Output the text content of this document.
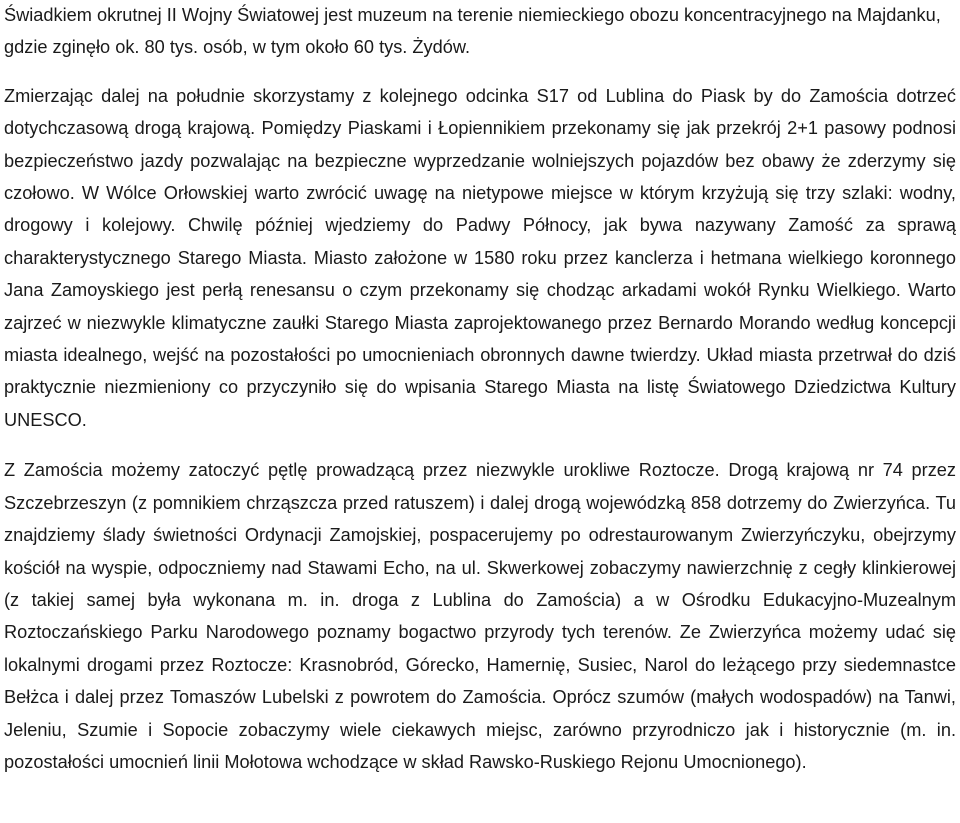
Świadkiem okrutnej II Wojny Światowej jest muzeum na terenie niemieckiego obozu koncentracyjnego na Majdanku, gdzie zginęło ok. 80 tys. osób, w tym około 60 tys. Żydów.

Zmierzając dalej na południe skorzystamy z kolejnego odcinka S17 od Lublina do Piask by do Zamościa dotrzeć dotychczasową drogą krajową. Pomiędzy Piaskami i Łopiennikiem przekonamy się jak przekrój 2+1 pasowy podnosi bezpieczeństwo jazdy pozwalając na bezpieczne wyprzedzanie wolniejszych pojazdów bez obawy że zderzymy się czołowo. W Wólce Orłowskiej warto zwrócić uwagę na nietypowe miejsce w którym krzyżują się trzy szlaki: wodny, drogowy i kolejowy. Chwilę później wjedziemy do Padwy Północy, jak bywa nazywany Zamość za sprawą charakterystycznego Starego Miasta. Miasto założone w 1580 roku przez kanclerza i hetmana wielkiego koronnego Jana Zamoyskiego jest perłą renesansu o czym przekonamy się chodząc arkadami wokół Rynku Wielkiego. Warto zajrzeć w niezwykle klimatyczne zaułki Starego Miasta zaprojektowanego przez Bernardo Morando według koncepcji miasta idealnego, wejść na pozostałości po umocnieniach obronnych dawne twierdzy. Układ miasta przetrwał do dziś praktycznie niezmieniony co przyczyniło się do wpisania Starego Miasta na listę Światowego Dziedzictwa Kultury UNESCO.

Z Zamościa możemy zatoczyć pętlę prowadzącą przez niezwykle urokliwe Roztocze. Drogą krajową nr 74 przez Szczebrzeszyn (z pomnikiem chrząszcza przed ratuszem) i dalej drogą wojewódzką 858 dotrzemy do Zwierzyńca. Tu znajdziemy ślady świetności Ordynacji Zamojskiej, pospacerujemy po odrestaurowanym Zwierzyńczyku, obejrzymy kościół na wyspie, odpoczniemy nad Stawami Echo, na ul. Skwerkowej zobaczymy nawierzchnię z cegły klinkierowej (z takiej samej była wykonana m. in. droga z Lublina do Zamościa) a w Ośrodku Edukacyjno-Muzealnym Roztoczańskiego Parku Narodowego poznamy bogactwo przyrody tych terenów. Ze Zwierzyńca możemy udać się lokalnymi drogami przez Roztocze: Krasnobród, Górecko, Hamernię, Susiec, Narol do leżącego przy siedemnastce Bełżca i dalej przez Tomaszów Lubelski z powrotem do Zamościa. Oprócz szumów (małych wodospadów) na Tanwi, Jeleniu, Szumie i Sopocie zobaczymy wiele ciekawych miejsc, zarówno przyrodniczo jak i historycznie (m. in. pozostałości umocnień linii Mołotowa wchodzące w skład Rawsko-Ruskiego Rejonu Umocnionego).
